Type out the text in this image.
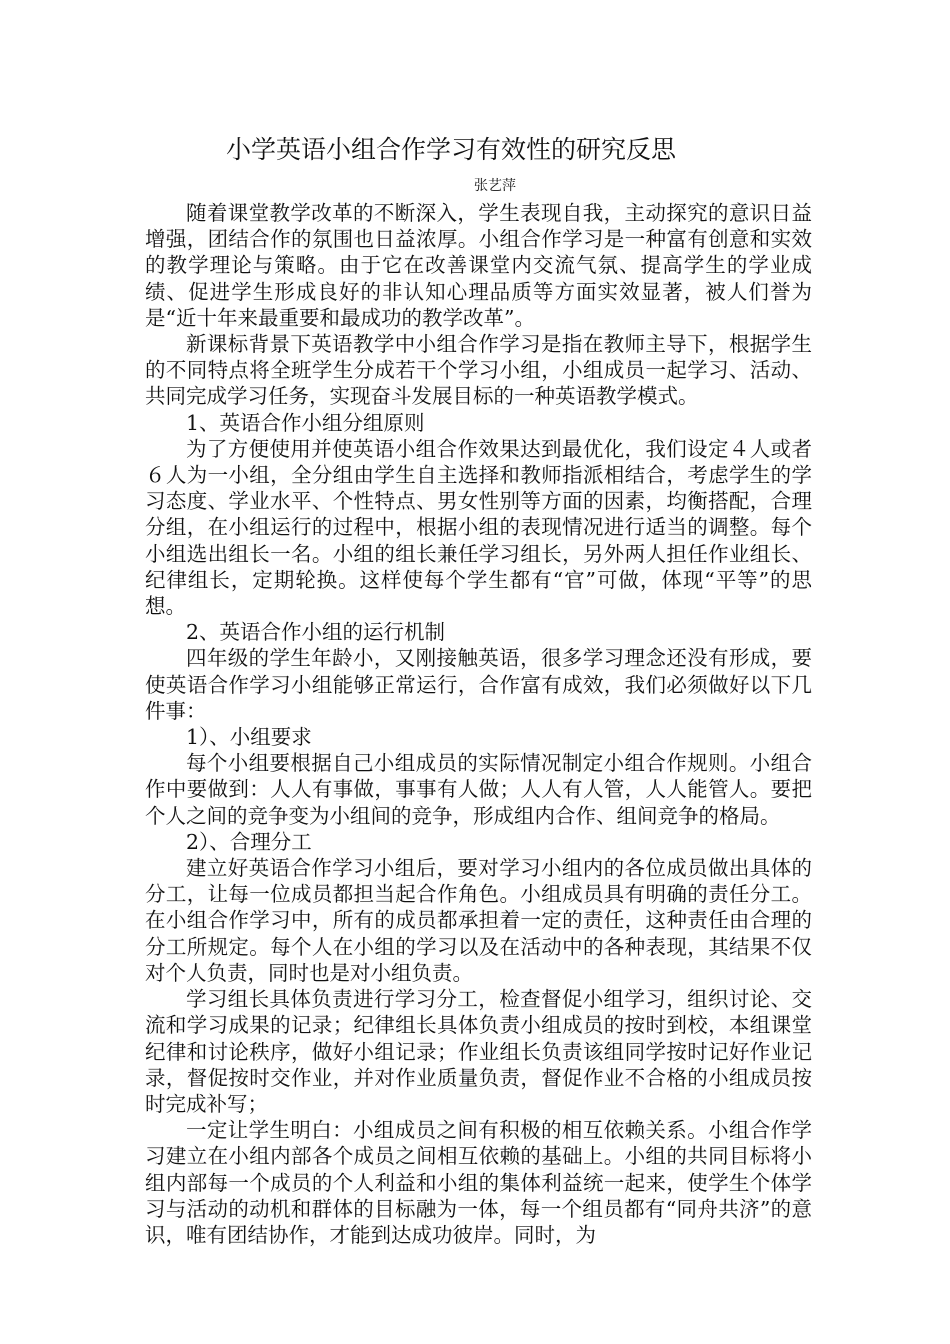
小学英语小组合作学习有效性的研究反思
张艺萍

随着课堂教学改革的不断深入，学生表现自我，主动探究的意识日益增强，团结合作的氛围也日益浓厚。小组合作学习是一种富有创意和实效的教学理论与策略。由于它在改善课堂内交流气氛、提高学生的学业成绩、促进学生形成良好的非认知心理品质等方面实效显著，被人们誉为是“近十年来最重要和最成功的教学改革”。

新课标背景下英语教学中小组合作学习是指在教师主导下，根据学生的不同特点将全班学生分成若干个学习小组，小组成员一起学习、活动、共同完成学习任务，实现奋斗发展目标的一种英语教学模式。

1、英语合作小组分组原则

为了方便使用并使英语小组合作效果达到最优化，我们设定４人或者６人为一小组，全分组由学生自主选择和教师指派相结合，考虑学生的学习态度、学业水平、个性特点、男女性别等方面的因素，均衡搭配，合理分组，在小组运行的过程中，根据小组的表现情况进行适当的调整。每个小组选出组长一名。小组的组长兼任学习组长，另外两人担任作业组长、纪律组长，定期轮换。这样使每个学生都有“官”可做，体现“平等”的思想。

2、英语合作小组的运行机制

四年级的学生年龄小，又刚接触英语，很多学习理念还没有形成，要使英语合作学习小组能够正常运行，合作富有成效，我们必须做好以下几件事：

1）、小组要求

每个小组要根据自己小组成员的实际情况制定小组合作规则。小组合作中要做到：人人有事做，事事有人做；人人有人管，人人能管人。要把个人之间的竞争变为小组间的竞争，形成组内合作、组间竞争的格局。

2）、合理分工

建立好英语合作学习小组后，要对学习小组内的各位成员做出具体的分工，让每一位成员都担当起合作角色。小组成员具有明确的责任分工。在小组合作学习中，所有的成员都承担着一定的责任，这种责任由合理的分工所规定。每个人在小组的学习以及在活动中的各种表现，其结果不仅对个人负责，同时也是对小组负责。

学习组长具体负责进行学习分工，检查督促小组学习，组织讨论、交流和学习成果的记录；纪律组长具体负责小组成员的按时到校，本组课堂纪律和讨论秩序，做好小组记录；作业组长负责该组同学按时记好作业记录，督促按时交作业，并对作业质量负责，督促作业不合格的小组成员按时完成补写；

一定让学生明白：小组成员之间有积极的相互依赖关系。小组合作学习建立在小组内部各个成员之间相互依赖的基础上。小组的共同目标将小组内部每一个成员的个人利益和小组的集体利益统一起来，使学生个体学习与活动的动机和群体的目标融为一体，每一个组员都有“同舟共济”的意识，唯有团结协作，才能到达成功彼岸。同时，为
